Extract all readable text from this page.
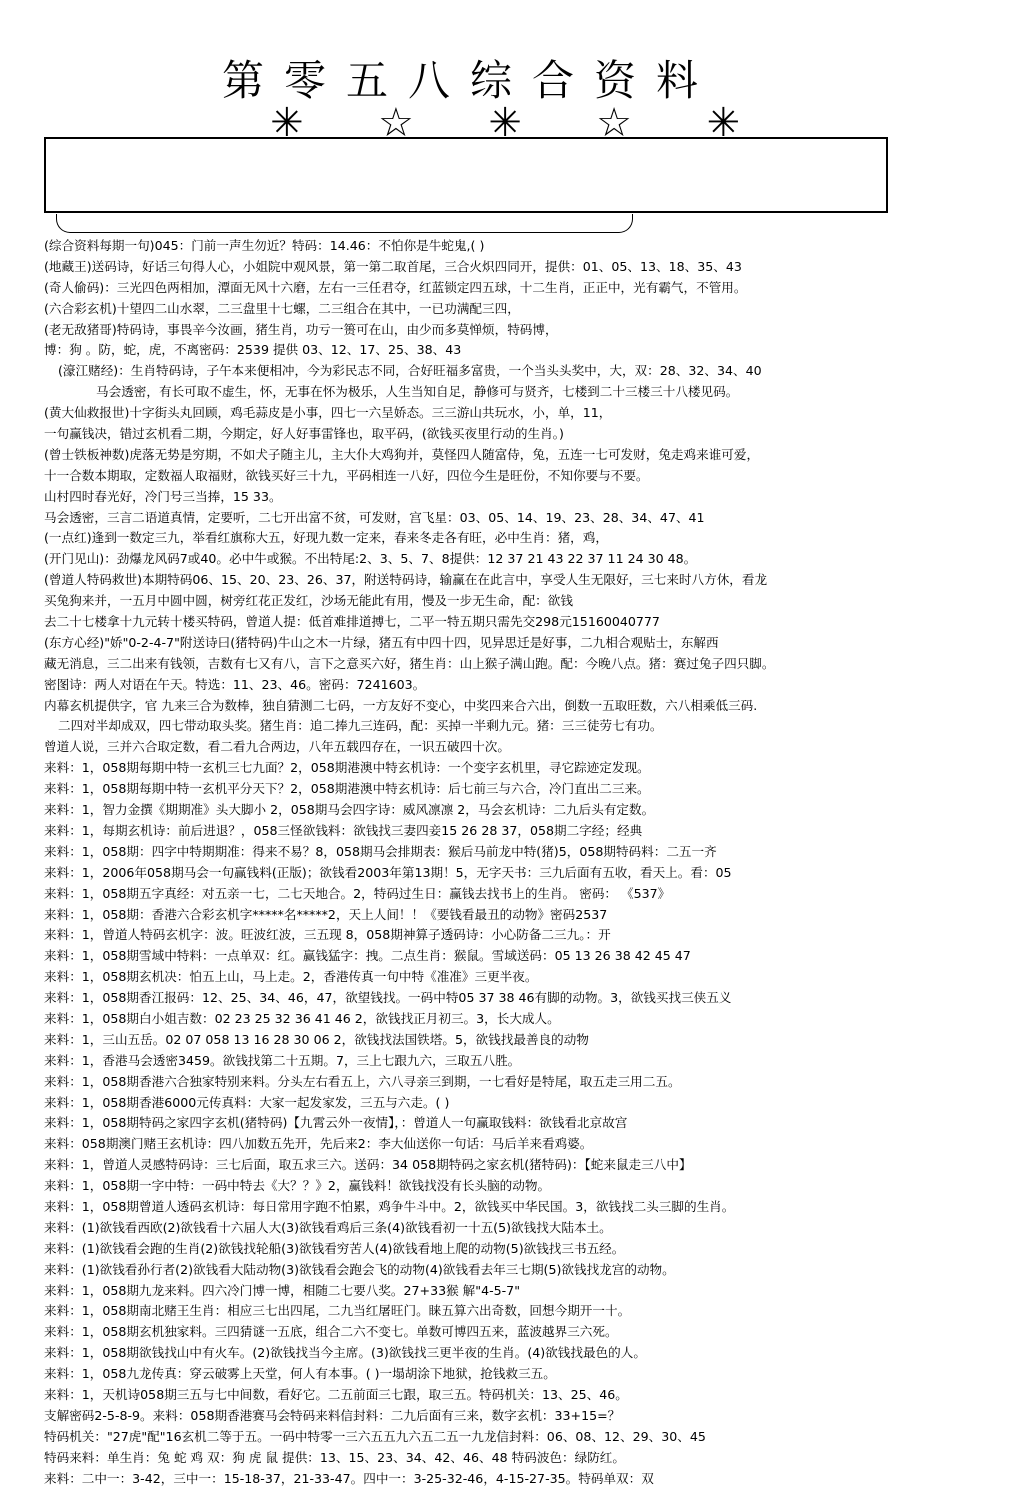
第零五八综合资料
✳ ☆ ✳ ☆ ✳
(综合资料每期一句)045：门前一声生勿近？特码：14.46：不怕你是牛蛇鬼,( )
(地藏王)送码诗，好话三句得人心，小姐院中观风景，第一第二取首尾，三合火炽四同开，提供：01、05、13、18、35、43
(奇人偷码)：三光四色两相加，潭面无风十六磨，左右一三任君夺，红蓝锁定四五球，十二生肖，正正中，光有霸气，不管用。
(六合彩玄机)十望四二山水翠，二三盘里十七螺，二三组合在其中，一已功满配三四，
(老无敌猪哥)特码诗，事畏辛今汝画，猪生肖，功亏一篑可在山，由少而多莫惮烦，特码博，
博：狗 。防，蛇，虎，不离密码：2539 提供 03、12、17、25、38、43
(濠江赌经)：生肖特码诗，子午本来便相冲，今为彩民志不同，合好旺福多富贵，一个当头头奖中，大，双：28、32、34、40
马会透密，有长可取不虚生，怀，无事在怀为极乐，人生当知自足，静修可与贤齐，七楼到二十三楼三十八楼见码。
(黄大仙救报世)十字街头丸回顾，鸡毛蒜皮是小事，四七一六呈娇态。三三游山共玩水，小，单，11，
一句赢钱决，错过玄机看二期，今期定，好人好事雷锋也，取平码，(欲钱买夜里行动的生肖。)
(曾士铁板神数)虎落无势是穷期，不如犬子随主儿，主大仆大鸡狗并，莫怪四人随富侍，兔，五连一七可发财，兔走鸡来谁可爱，
十一合数本期取，定数福人取福财，欲钱买好三十九，平码相连一八好，四位今生是旺份，不知你要与不要。
山村四时春光好，冷门号三当捧，15 33。
马会透密，三言二语道真情，定要听，二七开出富不贫，可发财，宫飞星：03、05、14、19、23、28、34、47、41
(一点红)逢到一数定三九，举看红旗称大五，好现九数一定来，春来冬走各有旺，必中生肖：猪，鸡，
(开门见山)：劲爆龙风码7或40。必中牛或猴。不出特尾:2、3、5、7、8提供：12 37 21 43 22 37 11 24 30 48。
(曾道人特码救世)本期特码06、15、20、23、26、37，附送特码诗，输赢在在此言中，享受人生无限好，三七来时八方休，看龙
买兔狗来并，一五月中圆中圆，树旁红花正发红，沙场无能此有用，慢及一步无生命，配：欲钱
去二十七楼拿十九元转十楼买特码，曾道人提：低首难排道搏七，二平一特五期只需先交298元15160040777
(东方心经)"娇"0-2-4-7"附送诗曰(猪特码)牛山之木一片绿，猪五有中四十四，见异思迁是好事，二九相合观贴士，东解西
藏无消息，三二出来有钱领，吉数有七又有八，言下之意买六好，猪生肖：山上猴子满山跑。配：今晚八点。猪：赛过兔子四只脚。
密图诗：两人对语在午天。特选：11、23、46。密码：7241603。
内幕玄机提供字，官 九来三合为数棒，独自猜测二七码，一方友好不变心，中奖四来合六出，倒数一五取旺数，六八相乘低三码.
二四对半却成双，四七带动取头奖。猪生肖：追二捧九三连码，配：买掉一半剩九元。猪：三三徒劳七有功。
曾道人说，三并六合取定数，看二看九合两边，八年五载四存在，一识五破四十次。
来料：1，058期每期中特一玄机三七九面？2，058期港澳中特玄机诗：一个变字玄机里，寻它踪迹定发现。
来料：1，058期每期中特一玄机平分天下？2，058期港澳中特玄机诗：后七前三与六合，冷门直出二三来。
来料：1，智力金撰《期期准》头大脚小 2，058期马会四字诗：威风凛凛 2，马会玄机诗：二九后头有定数。
来料：1，每期玄机诗：前后进退？，058三怪欲钱料：欲钱找三妻四妾15 26 28 37，058期二字经；经典
来料：1，058期：四字中特期期准：得来不易？8，058期马会排期表：猴后马前龙中特(猪)5，058期特码料：二五一齐
来料：1，2006年058期马会一句赢钱料(正版)；欲钱看2003年第13期！5，无字天书：三九后面有五收，看天上。看：05
来料：1，058期五字真经：对五亲一七，二七天地合。2，特码过生日：赢钱去找书上的生肖。 密码： 《537》
来料：1，058期：香港六合彩玄机字*****名*****2，天上人间！！《要钱看最丑的动物》密码2537
来料：1，曾道人特码玄机字：波。旺波红波，三五现 8，058期神算子透码诗：小心防备二三九。：开
来料：1，058期雪域中特料：一点单双：红。赢钱猛字：拽。二点生肖：猴鼠。雪域送码：05 13 26 38 42 45 47
来料：1，058期玄机决：怕五上山，马上走。2，香港传真一句中特《准准》三更半夜。
来料：1，058期香江报码：12、25、34、46，47，欲望钱找。一码中特05 37 38 46有脚的动物。3，欲钱买找三侠五义
来料：1，058期白小姐吉数：02 23 25 32 36 41 46 2，欲钱找正月初三。3，长大成人。
来料：1，三山五岳。02 07 058 13 16 28 30 06 2，欲钱找法国铁塔。5，欲钱找最善良的动物
来料：1，香港马会透密3459。欲钱找第二十五期。7，三上七跟九六，三取五八胜。
来料：1，058期香港六合独家特别来料。分头左右看五上，六八寻亲三到期，一七看好是特尾，取五走三用二五。
来料：1，058期香港6000元传真料：大家一起发家发，三五与六走。( )
来料：1，058期特码之家四字玄机(猪特码)【九霄云外一夜情】，：曾道人一句赢取钱料：欲钱看北京故宫
来料：058期澳门赌王玄机诗：四八加数五先开，先后来2：李大仙送你一句话：马后羊来看鸡婆。
来料：1，曾道人灵感特码诗：三七后面，取五求三六。送码：34 058期特码之家玄机(猪特码)：【蛇来鼠走三八中】
来料：1，058期一字中特：一码中特去《大？？》2，赢钱料！欲钱找没有长头脑的动物。
来料：1，058期曾道人透码玄机诗：每日常用字跑不怕累，鸡争牛斗中。2，欲钱买中华民国。3，欲钱找二头三脚的生肖。
来料：(1)欲钱看西欧(2)欲钱看十六届人大(3)欲钱看鸡后三条(4)欲钱看初一十五(5)欲钱找大陆本土。
来料：(1)欲钱看会跑的生肖(2)欲钱找轮船(3)欲钱看穷苦人(4)欲钱看地上爬的动物(5)欲钱找三书五经。
来料：(1)欲钱看孙行者(2)欲钱看大陆动物(3)欲钱看会跑会飞的动物(4)欲钱看去年三七期(5)欲钱找龙宫的动物。
来料：1，058期九龙来料。四六冷门博一博，相随二七要八奖。27+33猴 解"4-5-7"
来料：1，058期南北赌王生肖：相应三七出四尾，二九当红屠旺门。睐五算六出奇数，回想今期开一十。
来料：1，058期玄机独家料。三四猜谜一五底，组合二六不变七。单数可博四五来，蓝波越界三六死。
来料：1，058期欲钱找山中有火车。(2)欲钱找当今主席。(3)欲钱找三更半夜的生肖。(4)欲钱找最色的人。
来料：1，058九龙传真：穿云破雾上天堂，何人有本事。( )一塌胡涂下地狱，抢钱救三五。
来料：1，天机诗058期三五与七中间数，看好它。二五前面三七跟，取三五。特码机关：13、25、46。
支解密码2-5-8-9。来料：058期香港赛马会特码来料信封料：二九后面有三来，数字玄机：33+15=？
特码机关："27虎"配"16玄机二等于五。一码中特零一三六五五九六五二五一九龙信封料：06、08、12、29、30、45
特码来料：单生肖：兔 蛇 鸡 双：狗 虎 鼠 提供：13、15、23、34、42、46、48 特码波色：绿防红。
来料：二中一：3-42，三中一：15-18-37，21-33-47。四中一：3-25-32-46，4-15-27-35。特码单双：双
